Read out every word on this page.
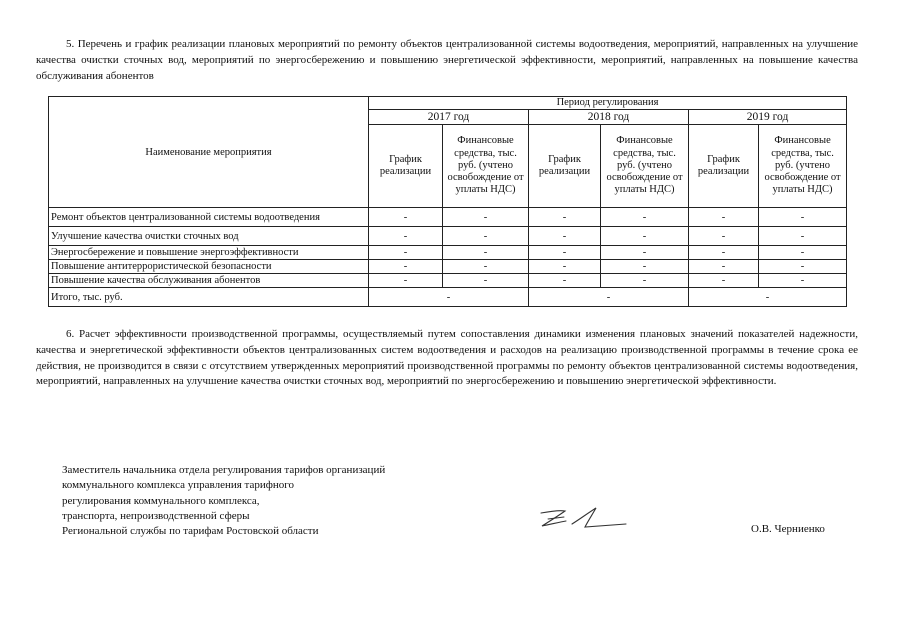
5. Перечень и график реализации плановых мероприятий по ремонту объектов централизованной системы водоотведения, мероприятий, направленных на улучшение качества очистки сточных вод, мероприятий по энергосбережению и повышению энергетической эффективности, мероприятий, направленных на повышение качества обслуживания абонентов

Наименование мероприятия	Период регулирования					
	2017 год		2018 год		2019 год	
	График реализации	Финансовые средства, тыс. руб. (учтено освобождение от уплаты НДС)	График реализации	Финансовые средства, тыс. руб. (учтено освобождение от уплаты НДС)	График реализации	Финансовые средства, тыс. руб. (учтено освобождение от уплаты НДС)
Ремонт объектов централизованной системы водоотведения	-	-	-	-	-	-
Улучшение качества очистки сточных вод	-	-	-	-	-	-
Энергосбережение и повышение энергоэффективности	-	-	-	-	-	-
Повышение антитеррористической безопасности	-	-	-	-	-	-
Повышение качества обслуживания абонентов	-	-	-	-	-	-
Итого, тыс. руб.	-		-		-	

6. Расчет эффективности производственной программы, осуществляемый путем сопоставления динамики изменения плановых значений показателей надежности, качества и энергетической эффективности объектов централизованных систем водоотведения и расходов на реализацию производственной программы в течение срока ее действия, не производится в связи с отсутствием утвержденных мероприятий производственной программы по ремонту объектов централизованной системы водоотведения, мероприятий, направленных на улучшение качества очистки сточных вод, мероприятий по энергосбережению и повышению энергетической эффективности.

Заместитель начальника отдела регулирования тарифов организаций
коммунального комплекса управления тарифного
регулирования коммунального комплекса,
транспорта, непроизводственной сферы
Региональной службы по тарифам Ростовской области	О.В. Черниенко
